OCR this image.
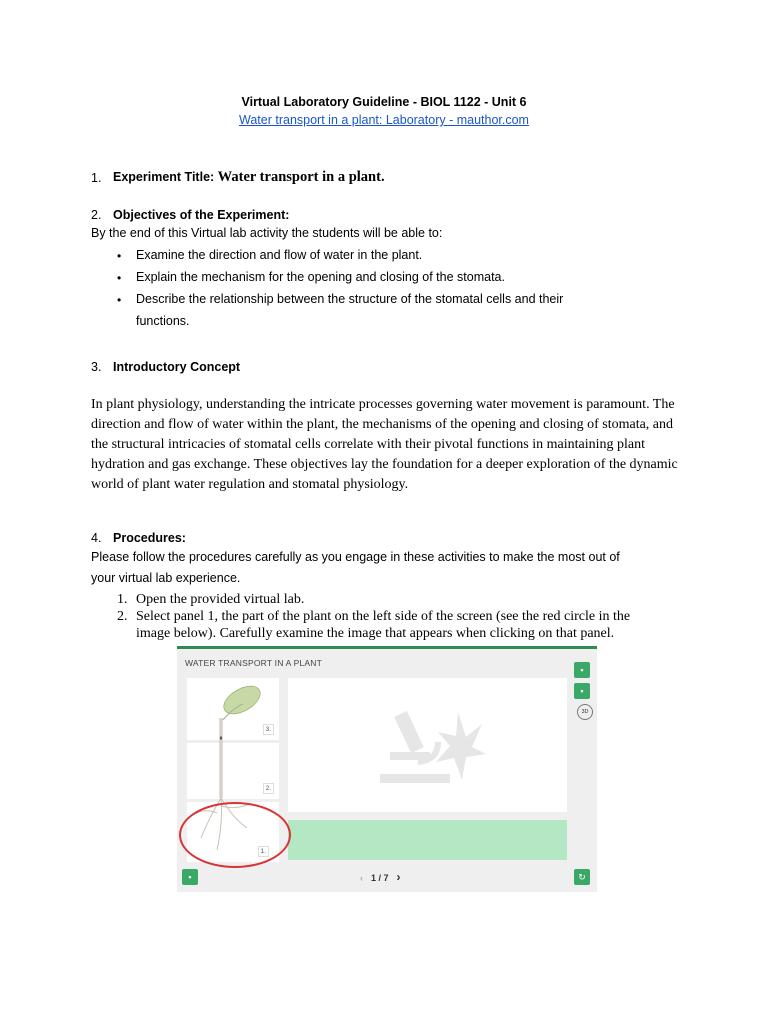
Virtual Laboratory Guideline - BIOL 1122 - Unit 6
Water transport in a plant: Laboratory - mauthor.com
1. Experiment Title: Water transport in a plant.
2. Objectives of the Experiment:
By the end of this Virtual lab activity the students will be able to:
• Examine the direction and flow of water in the plant.
• Explain the mechanism for the opening and closing of the stomata.
• Describe the relationship between the structure of the stomatal cells and their
functions.
3. Introductory Concept
In plant physiology, understanding the intricate processes governing water movement is paramount. The direction and flow of water within the plant, the mechanisms of the opening and closing of stomata, and the structural intricacies of stomatal cells correlate with their pivotal functions in maintaining plant hydration and gas exchange. These objectives lay the foundation for a deeper exploration of the dynamic world of plant water regulation and stomatal physiology.
4. Procedures:
Please follow the procedures carefully as you engage in these activities to make the most out of
your virtual lab experience.
1. Open the provided virtual lab.
2. Select panel 1, the part of the plant on the left side of the screen (see the red circle in the
image below). Carefully examine the image that appears when clicking on that panel.
WATER TRANSPORT IN A PLANT
3.
2.
1.
▪
▪
3D
▪	‹ 1 / 7 ›	↻
